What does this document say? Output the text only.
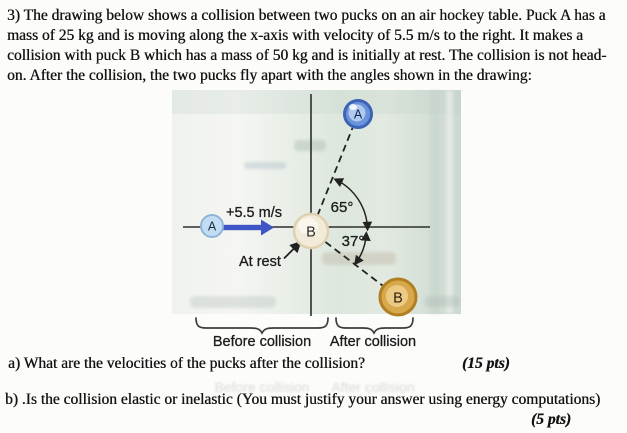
3) The drawing below shows a collision between two pucks on an air hockey table. Puck A has a
mass of 25 kg and is moving along the x-axis with velocity of 5.5 m/s to the right. It makes a
collision with puck B which has a mass of 50 kg and is initially at rest. The collision is not head-
on. After the collision, the two pucks fly apart with the angles shown in the drawing:
A	B
A
B
+5.5 m/s	65°
37°
At rest
Before collision After collision
Before collision After collision
a) What are the velocities of the pucks after the collision?	(15 pts)
b) .Is the collision elastic or inelastic (You must justify your answer using energy computations)
(5 pts)
